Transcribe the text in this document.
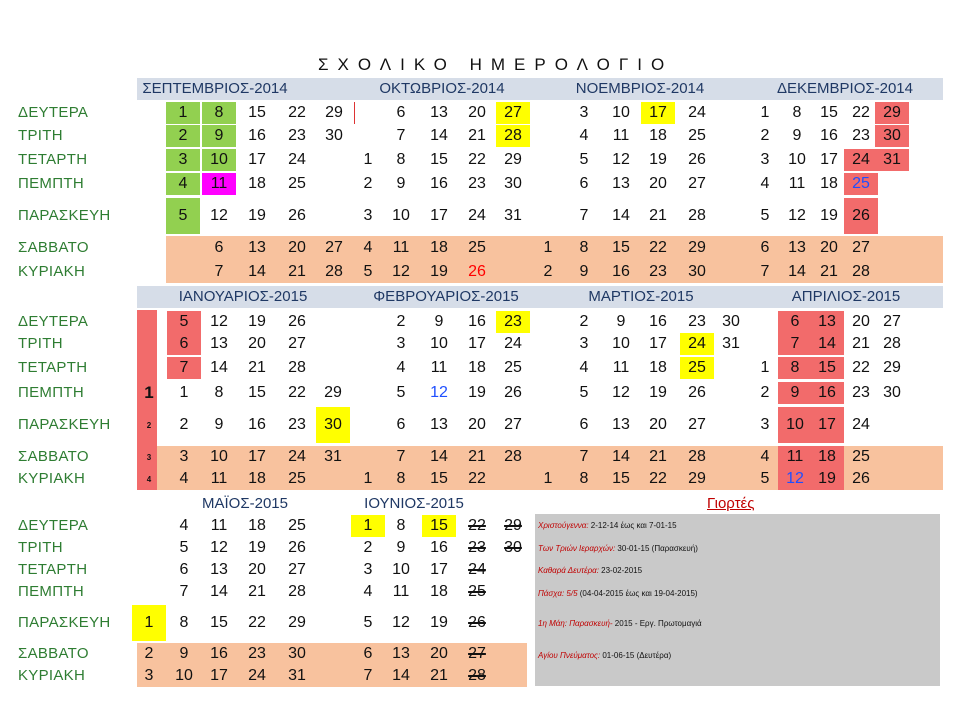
ΣΧΟΛΙΚΟ ΗΜΕΡΟΛΟΓΙΟ
ΔΕΥΤΕΡΑ
ΤΡΙΤΗ
ΤΕΤΑΡΤΗ
ΠΕΜΠΤΗ
ΠΑΡΑΣΚΕΥΗ
ΣΑΒΒΑΤΟ
ΚΥΡΙΑΚΗ
ΔΕΥΤΕΡΑ
ΤΡΙΤΗ
ΤΕΤΑΡΤΗ
ΠΕΜΠΤΗ
ΠΑΡΑΣΚΕΥΗ
ΣΑΒΒΑΤΟ
ΚΥΡΙΑΚΗ
ΔΕΥΤΕΡΑ
ΤΡΙΤΗ
ΤΕΤΑΡΤΗ
ΠΕΜΠΤΗ
ΠΑΡΑΣΚΕΥΗ
ΣΑΒΒΑΤΟ
ΚΥΡΙΑΚΗ
1
2
3
4
ΣΕΠΤΕΜΒΡΙΟΣ-2014
1 8 15 22 29
2 9 16 23 30
3 10 17 24
4 11 18 25
5 12 19 26
6 13 20 27
7 14 21 28
ΟΚΤΩΒΡΙΟΣ-2014
6 13 20 27
7 14 21 28
1 8 15 22 29
2 9 16 23 30
3 10 17 24 31
4 11 18 25
5 12 19 26
ΝΟΕΜΒΡΙΟΣ-2014
3 10 17 24
4 11 18 25
5 12 19 26
6 13 20 27
7 14 21 28
1 8 15 22 29
2 9 16 23 30
ΔΕΚΕΜΒΡΙΟΣ-2014
1 8 15 22 29
2 9 16 23 30
3 10 17 24 31
4 11 18 25
5 12 19 26
6 13 20 27
7 14 21 28
ΙΑΝΟΥΑΡΙΟΣ-2015
5 12 19 26
6 13 20 27
7 14 21 28
1 8 15 22 29
2 9 16 23 30
3 10 17 24 31
4 11 18 25
ΦΕΒΡΟΥΑΡΙΟΣ-2015
2 9 16 23
3 10 17 24
4 11 18 25
5 12 19 26
6 13 20 27
7 14 21 28
1 8 15 22
ΜΑΡΤΙΟΣ-2015
2 9 16 23 30
3 10 17 24 31
4 11 18 25
5 12 19 26
6 13 20 27
7 14 21 28
1 8 15 22 29
ΑΠΡΙΛΙΟΣ-2015
6 13 20 27
7 14 21 28
1 8 15 22 29
2 9 16 23 30
3 10 17 24
4 11 18 25
5 12 19 26
ΜΑΪΟΣ-2015
4 11 18 25
5 12 19 26
6 13 20 27
7 14 21 28
1 8 15 22 29
2 9 16 23 30
3 10 17 24 31
ΙΟΥΝΙΟΣ-2015
1 8 15 22 29
2 9 16 23 30
3 10 17 24
4 11 18 25
5 12 19 26
6 13 20 27
7 14 21 28
Χριστούγεννα: 2-12-14 έως και 7-01-15
Των Τριών Ιεραρχών: 30-01-15 (Παρασκευή)
Καθαρά Δευτέρα: 23-02-2015
Πάσχα: 5/5 (04-04-2015 έως και 19-04-2015)
1η Μάη: Παρασκευή- 2015 - Εργ. Πρωτομαγιά
Αγίου Πνεύματος: 01-06-15 (Δευτέρα)
Γιορτές
